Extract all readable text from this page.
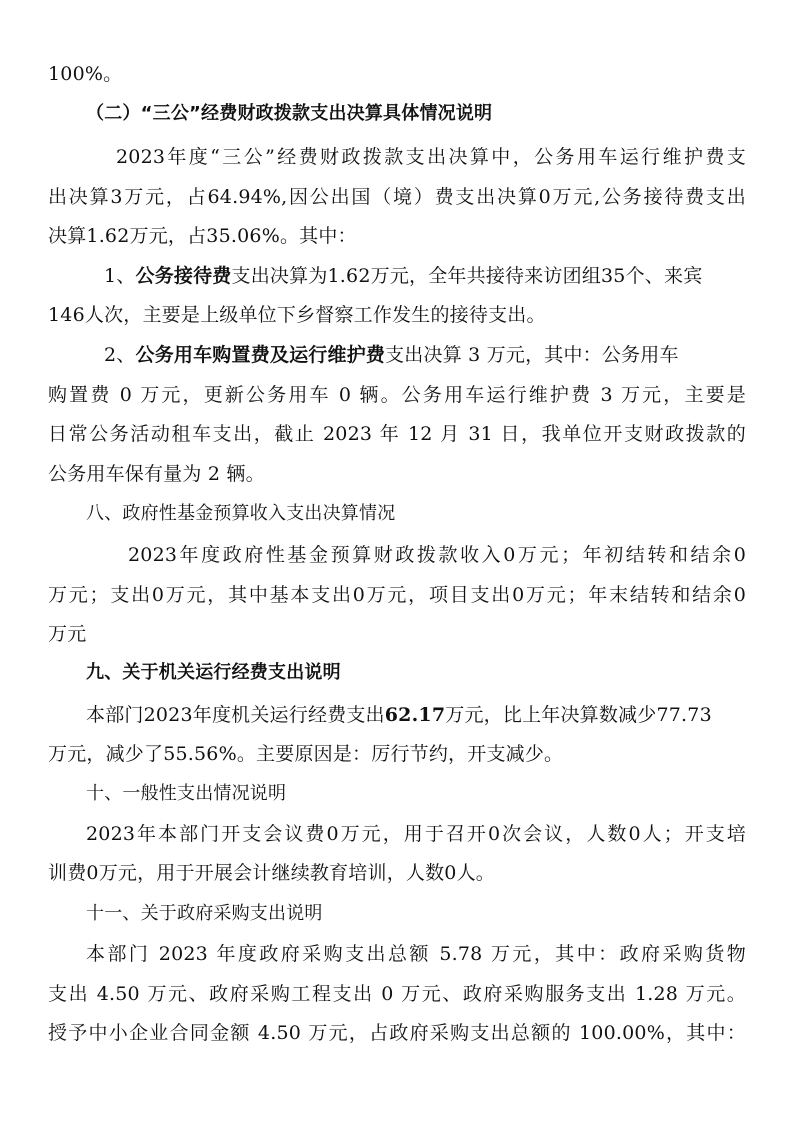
100%。

（二）“三公”经费财政拨款支出决算具体情况说明

2023年度“三公”经费财政拨款支出决算中，公务用车运行维护费支

出决算3万元，占64.94%,因公出国（境）费支出决算0万元,公务接待费支出

决算1.62万元，占35.06%。其中：

1、公务接待费支出决算为1.62万元，全年共接待来访团组35个、来宾

146人次，主要是上级单位下乡督察工作发生的接待支出。

2、公务用车购置费及运行维护费支出决算 3 万元，其中：公务用车

购置费 0 万元，更新公务用车 0 辆。公务用车运行维护费 3 万元，主要是

日常公务活动租车支出，截止 2023 年 12 月 31 日，我单位开支财政拨款的

公务用车保有量为 2 辆。

八、政府性基金预算收入支出决算情况

2023年度政府性基金预算财政拨款收入0万元；年初结转和结余0

万元；支出0万元，其中基本支出0万元，项目支出0万元；年末结转和结余0

万元

九、关于机关运行经费支出说明

本部门2023年度机关运行经费支出62.17万元，比上年决算数减少77.73

万元，减少了55.56%。主要原因是：厉行节约，开支减少。

十、一般性支出情况说明

2023年本部门开支会议费0万元，用于召开0次会议，人数0人；开支培

训费0万元，用于开展会计继续教育培训，人数0人。

十一、关于政府采购支出说明

本部门 2023 年度政府采购支出总额 5.78 万元，其中：政府采购货物

支出 4.50 万元、政府采购工程支出 0 万元、政府采购服务支出 1.28 万元。

授予中小企业合同金额 4.50 万元，占政府采购支出总额的 100.00%，其中：
